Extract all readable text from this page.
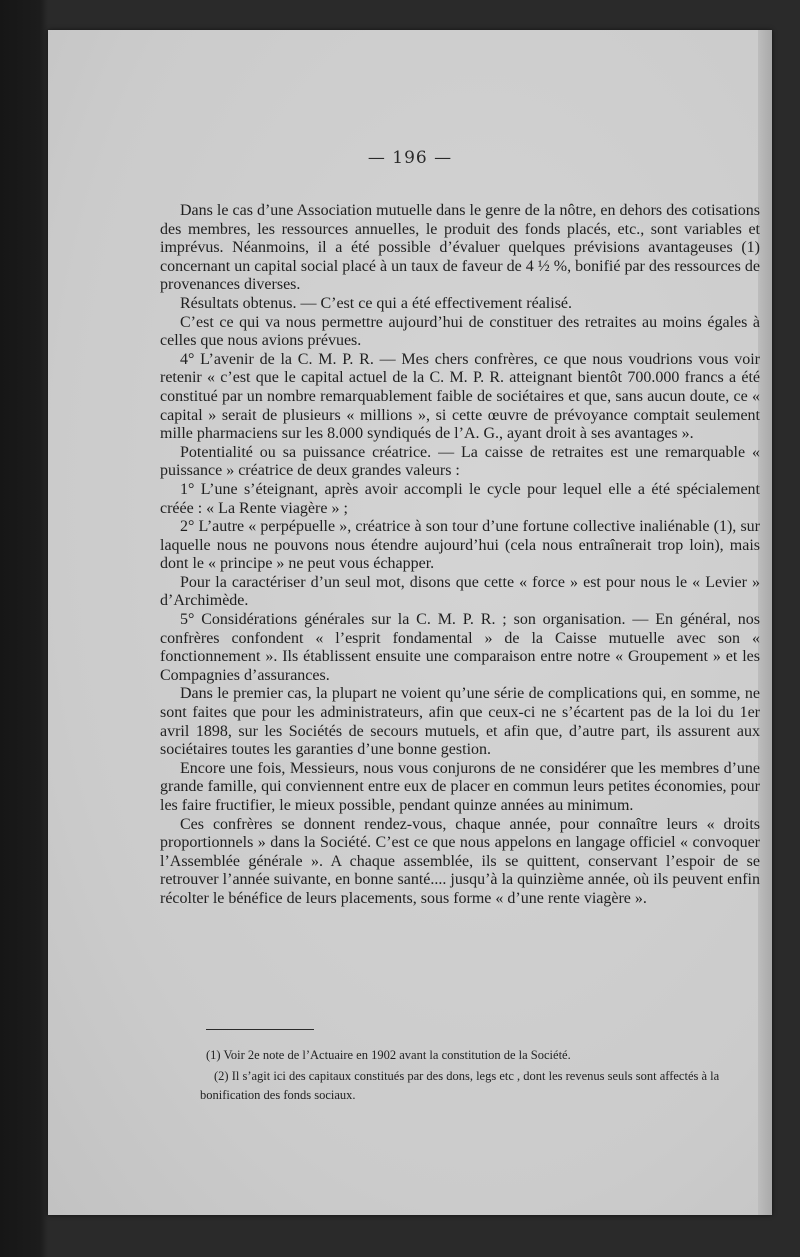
— 196 —

Dans le cas d’une Association mutuelle dans le genre de la nôtre, en dehors des cotisations des membres, les ressources annuelles, le produit des fonds placés, etc., sont variables et imprévus. Néanmoins, il a été possible d’évaluer quelques prévisions avantageuses (1) concernant un capital social placé à un taux de faveur de 4 ½ %, bonifié par des ressources de provenances diverses.

Résultats obtenus. — C’est ce qui a été effectivement réalisé.

C’est ce qui va nous permettre aujourd’hui de constituer des retraites au moins égales à celles que nous avions prévues.

4° L’avenir de la C. M. P. R. — Mes chers confrères, ce que nous voudrions vous voir retenir « c’est que le capital actuel de la C. M. P. R. atteignant bientôt 700.000 francs a été constitué par un nombre remarquablement faible de sociétaires et que, sans aucun doute, ce « capital » serait de plusieurs « millions », si cette œuvre de prévoyance comptait seulement mille pharmaciens sur les 8.000 syndiqués de l’A. G., ayant droit à ses avantages ».

Potentialité ou sa puissance créatrice. — La caisse de retraites est une remarquable « puissance » créatrice de deux grandes valeurs :

1° L’une s’éteignant, après avoir accompli le cycle pour lequel elle a été spécialement créée : « La Rente viagère » ;

2° L’autre « perpépuelle », créatrice à son tour d’une fortune collective inaliénable (1), sur laquelle nous ne pouvons nous étendre aujourd’hui (cela nous entraînerait trop loin), mais dont le « principe » ne peut vous échapper.

Pour la caractériser d’un seul mot, disons que cette « force » est pour nous le « Levier » d’Archimède.

5° Considérations générales sur la C. M. P. R. ; son organisation. — En général, nos confrères confondent « l’esprit fondamental » de la Caisse mutuelle avec son « fonctionnement ». Ils établissent ensuite une comparaison entre notre « Groupement » et les Compagnies d’assurances.

Dans le premier cas, la plupart ne voient qu’une série de complications qui, en somme, ne sont faites que pour les administrateurs, afin que ceux-ci ne s’écartent pas de la loi du 1er avril 1898, sur les Sociétés de secours mutuels, et afin que, d’autre part, ils assurent aux sociétaires toutes les garanties d’une bonne gestion.

Encore une fois, Messieurs, nous vous conjurons de ne considérer que les membres d’une grande famille, qui conviennent entre eux de placer en commun leurs petites économies, pour les faire fructifier, le mieux possible, pendant quinze années au minimum.

Ces confrères se donnent rendez-vous, chaque année, pour connaître leurs « droits proportionnels » dans la Société. C’est ce que nous appelons en langage officiel « convoquer l’Assemblée générale ». A chaque assemblée, ils se quittent, conservant l’espoir de se retrouver l’année suivante, en bonne santé.... jusqu’à la quinzième année, où ils peuvent enfin récolter le bénéfice de leurs placements, sous forme « d’une rente viagère ».

(1) Voir 2e note de l’Actuaire en 1902 avant la constitution de la Société.

(2) Il s’agit ici des capitaux constitués par des dons, legs etc , dont les revenus seuls sont affectés à la bonification des fonds sociaux.
